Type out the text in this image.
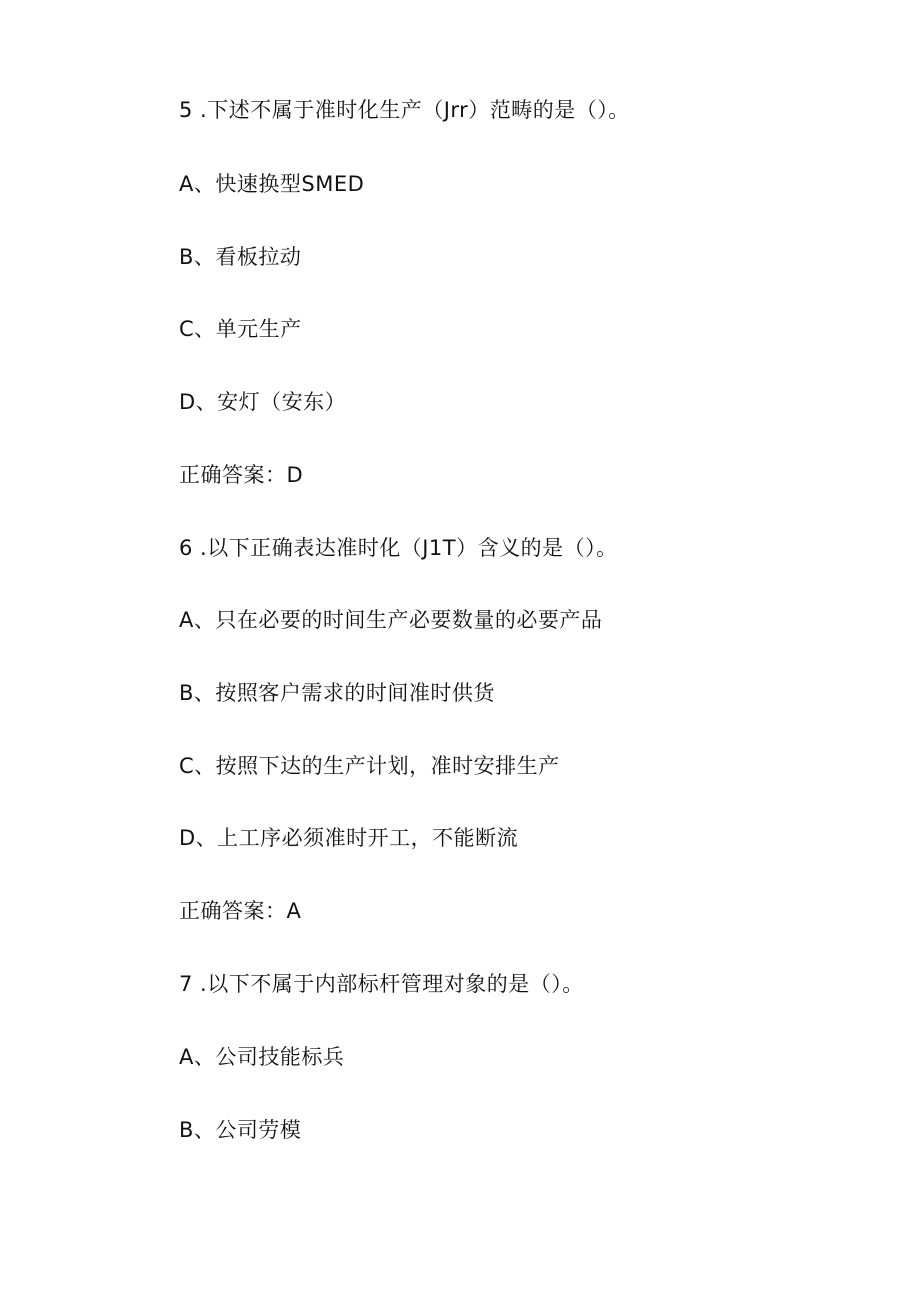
5 .下述不属于准时化生产（Jrr）范畴的是（）。
A、快速换型SMED
B、看板拉动
C、单元生产
D、安灯（安东）
正确答案：D
6 .以下正确表达准时化（J1T）含义的是（）。
A、只在必要的时间生产必要数量的必要产品
B、按照客户需求的时间准时供货
C、按照下达的生产计划，准时安排生产
D、上工序必须准时开工，不能断流
正确答案：A
7 .以下不属于内部标杆管理对象的是（）。
A、公司技能标兵
B、公司劳模
